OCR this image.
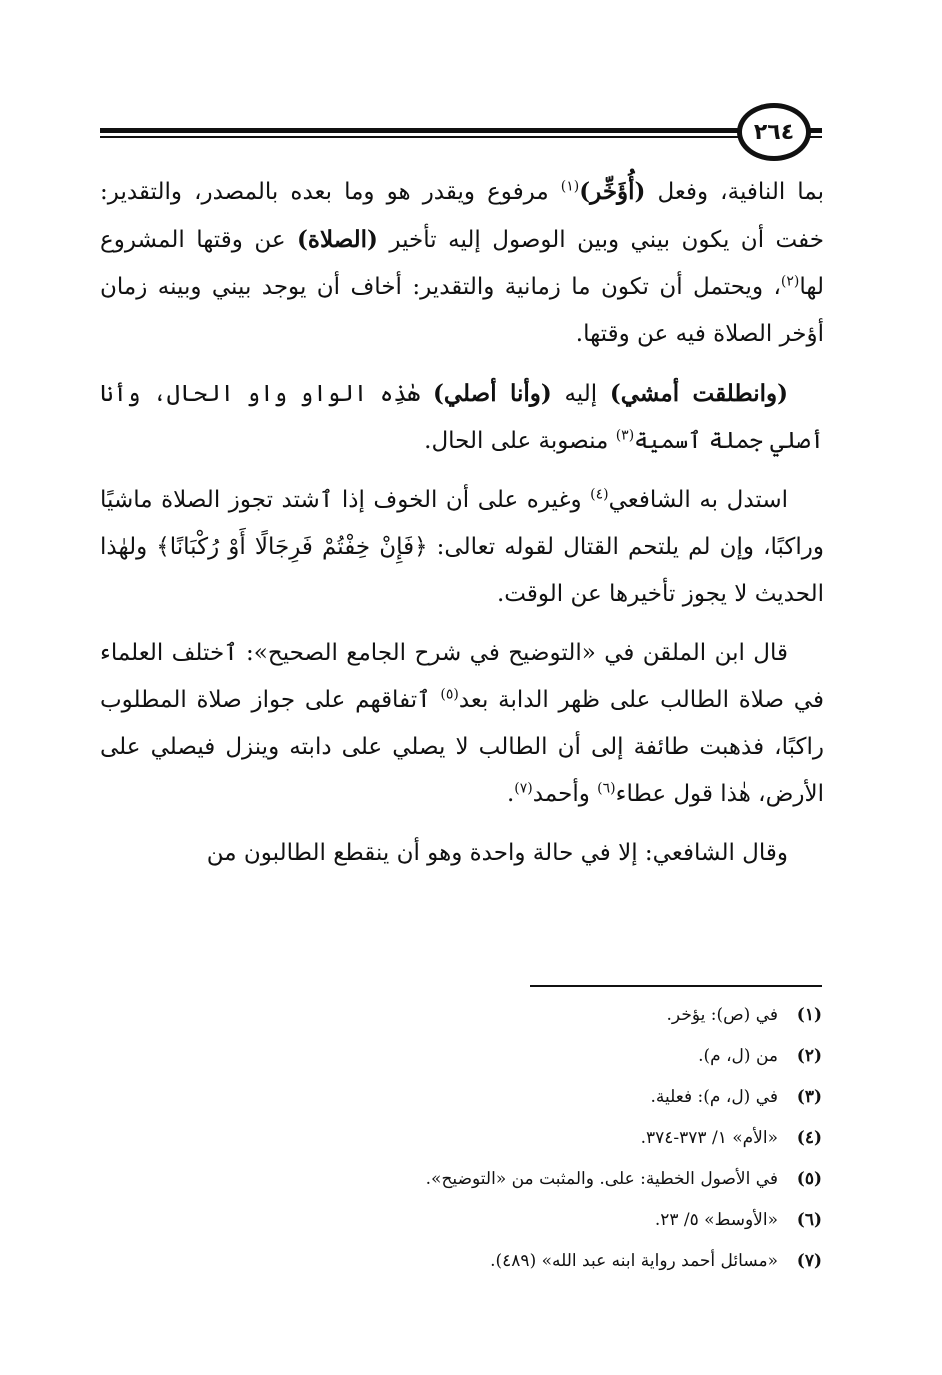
٢٦٤

بما النافية، وفعل (أُؤَخِّر)$^{(١)}$ مرفوع ويقدر هو وما بعده بالمصدر، والتقدير: خفت أن يكون بيني وبين الوصول إليه تأخير (الصلاة) عن وقتها المشروع لها$^{(٢)}$، ويحتمل أن تكون ما زمانية والتقدير: أخاف أن يوجد بيني وبينه زمان أؤخر الصلاة فيه عن وقتها.

(وانطلقت أمشي) إليه (وأنا أصلي) هٰذِه الواو واو الحال، وأنا أصلي جملة ٱسمية$^{(٣)}$ منصوبة على الحال.

استدل به الشافعي$^{(٤)}$ وغيره على أن الخوف إذا ٱشتد تجوز الصلاة ماشيًا وراكبًا، وإن لم يلتحم القتال لقوله تعالى: ﴿فَإِنْ خِفْتُمْ فَرِجَالًا أَوْ رُكْبَانًا﴾ ولهٰذا الحديث لا يجوز تأخيرها عن الوقت.

قال ابن الملقن في «التوضيح في شرح الجامع الصحيح»: ٱختلف العلماء في صلاة الطالب على ظهر الدابة بعد$^{(٥)}$ ٱتفاقهم على جواز صلاة المطلوب راكبًا، فذهبت طائفة إلى أن الطالب لا يصلي على دابته وينزل فيصلي على الأرض، هٰذا قول عطاء$^{(٦)}$ وأحمد$^{(٧)}$.

وقال الشافعي: إلا في حالة واحدة وهو أن ينقطع الطالبون من

(١)
في (ص): يؤخر.
(٢)
من (ل، م).
(٣)
في (ل، م): فعلية.
(٤)
«الأم» ١/ ٣٧٣-٣٧٤.
(٥)
في الأصول الخطية: على. والمثبت من «التوضيح».
(٦)
«الأوسط» ٥/ ٢٣.
(٧)
«مسائل أحمد رواية ابنه عبد الله» (٤٨٩).
